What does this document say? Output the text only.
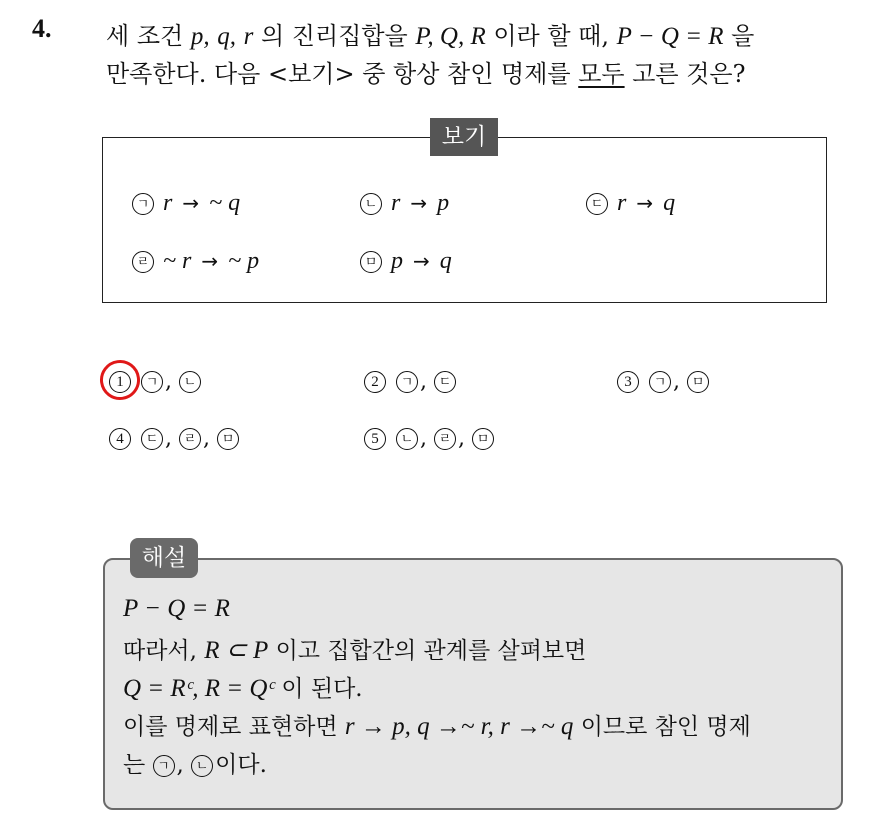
4. 세 조건 p, q, r 의 진리집합을 P, Q, R 이라 할 때, P − Q = R 을
만족한다. 다음 <보기> 중 항상 참인 명제를 모두 고른 것은?
보기
ㄱ r → ~ q	ㄴ r → p	ㄷ r → q
ㄹ ~ r → ~ p	ㅁ p → q
1 ㄱ , ㄴ	2 ㄱ , ㄷ	3 ㄱ , ㅁ
4 ㄷ , ㄹ , ㅁ	5 ㄴ , ㄹ , ㅁ
해설
P − Q = R
따라서, R ⊂ P 이고 집합간의 관계를 살펴보면
Q = Rᶜ, R = Qᶜ 이 된다.
이를 명제로 표현하면 r → p, q →~ r, r →~ q 이므로 참인 명제
는 ㄱ , ㄴ 이다.
